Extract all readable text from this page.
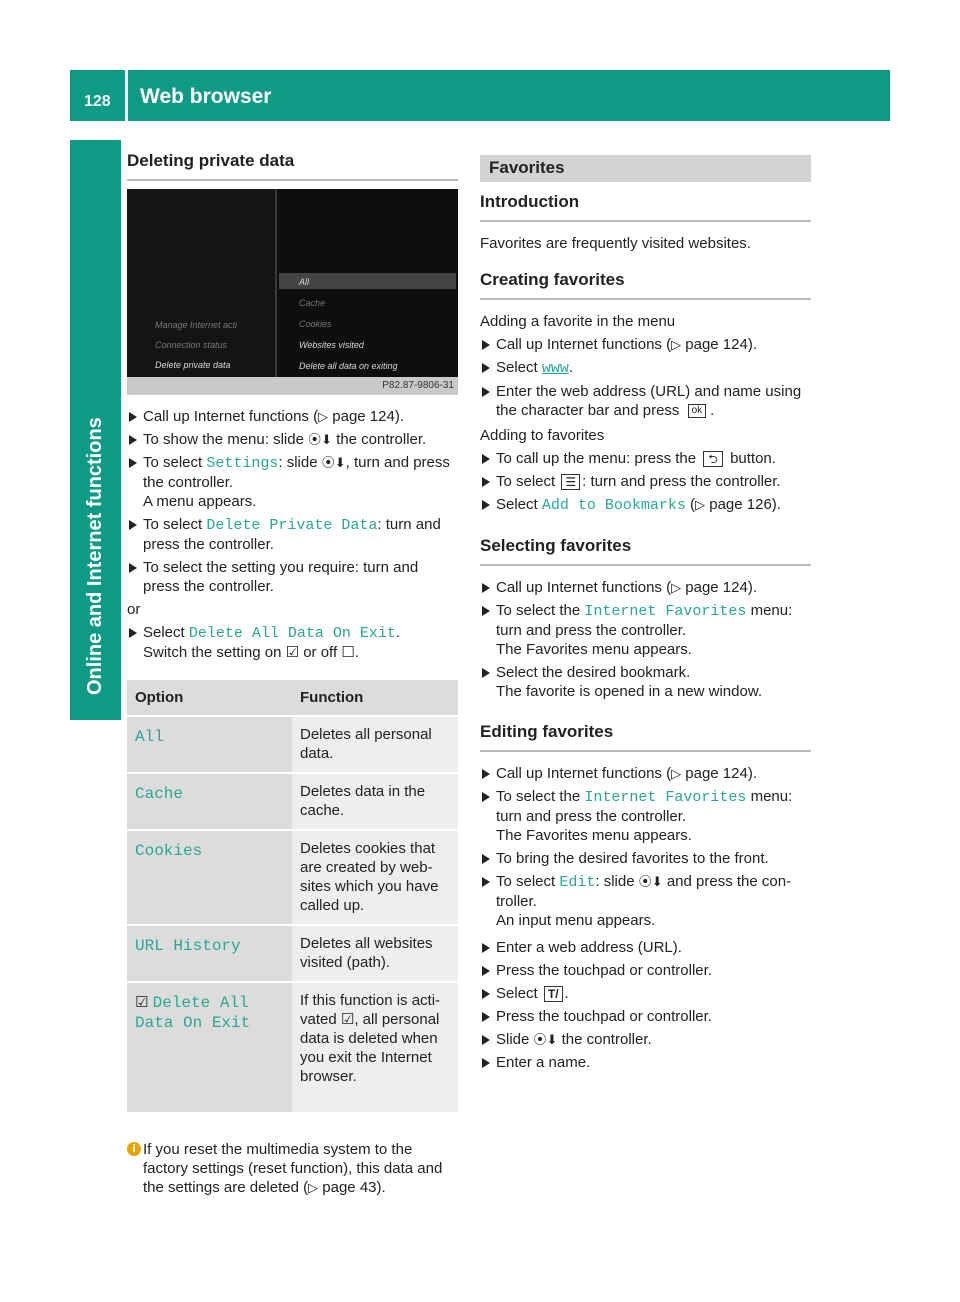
128 Web browser
Online and Internet functions
Deleting private data
Manage Internet acti
Connection status
Delete private data
All
Cache
Cookies
Websites visited
Delete all data on exiting
P82.87-9806-31
Call up Internet functions (▷ page 124).
To show the menu: slide ⦿⬇ the controller.
To select Settings: slide ⦿⬇, turn and press the controller.
A menu appears.
To select Delete Private Data: turn and press the controller.
To select the setting you require: turn and press the controller.

or

Select Delete All Data On Exit.
Switch the setting on ☑ or off ☐.
Option	Function
All	Deletes all personal data.
Cache	Deletes data in the cache.
Cookies	Deletes cookies that are created by web-sites which you have called up.
URL History	Deletes all websites visited (path).
☑ Delete All Data On Exit	If this function is acti-vated ☑, all personal data is deleted when you exit the Internet browser.
i If you reset the multimedia system to the factory settings (reset function), this data and the settings are deleted (▷ page 43).
Favorites
Introduction

Favorites are frequently visited websites.

Creating favorites

Adding a favorite in the menu

Call up Internet functions (▷ page 124).
Select www.
Enter the web address (URL) and name using the character bar and press ok .

Adding to favorites

To call up the menu: press the ⮌ button.
To select ☰ : turn and press the controller.
Select Add to Bookmarks (▷ page 126).
Selecting favorites
Call up Internet functions (▷ page 124).
To select the Internet Favorites menu: turn and press the controller.
The Favorites menu appears.
Select the desired bookmark.
The favorite is opened in a new window.
Editing favorites
Call up Internet functions (▷ page 124).
To select the Internet Favorites menu: turn and press the controller.
The Favorites menu appears.
To bring the desired favorites to the front.
To select Edit: slide ⦿⬇ and press the con-troller.
An input menu appears.
Enter a web address (URL).
Press the touchpad or controller.
Select T/ .
Press the touchpad or controller.
Slide ⦿⬇ the controller.
Enter a name.
